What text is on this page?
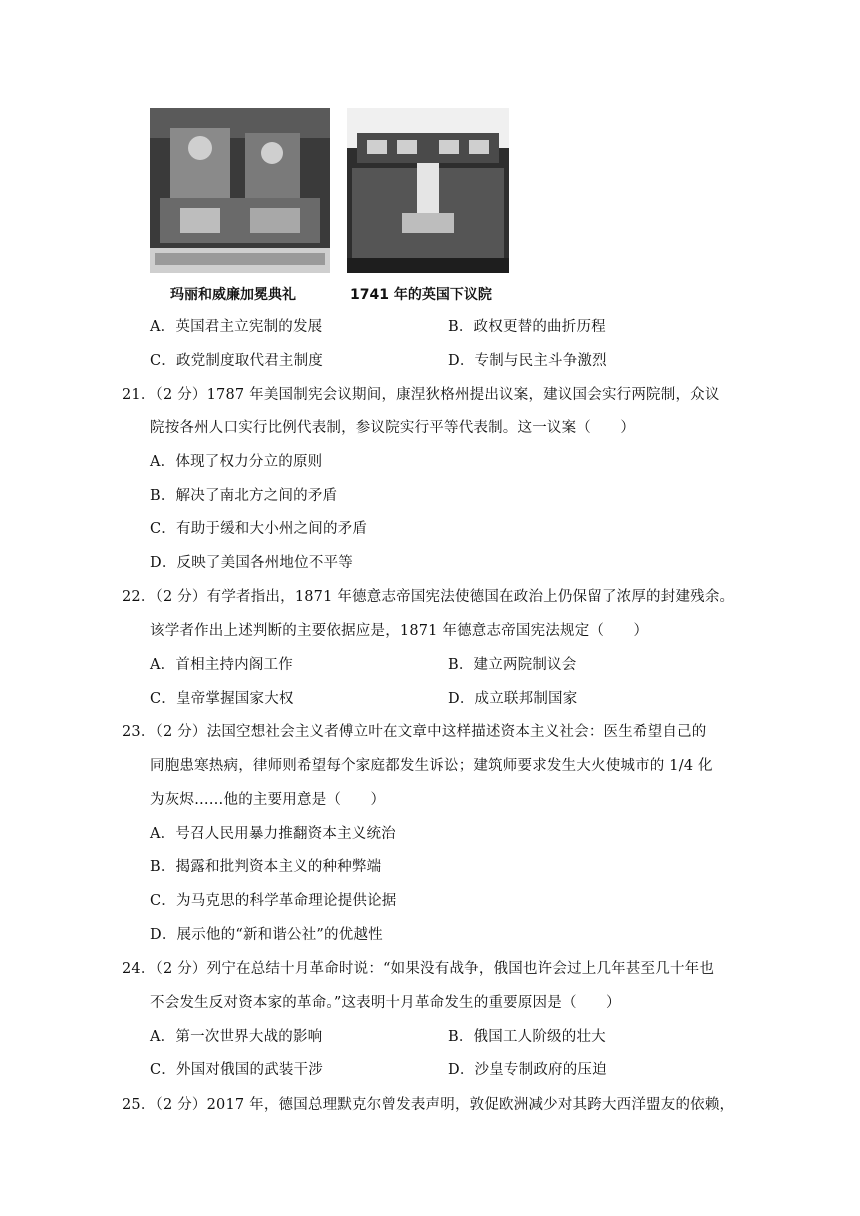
玛丽和威廉加冕典礼	1741 年的英国下议院
A．英国君主立宪制的发展	B．政权更替的曲折历程
C．政党制度取代君主制度	D．专制与民主斗争激烈
21．（2 分）1787 年美国制宪会议期间，康涅狄格州提出议案，建议国会实行两院制，众议
院按各州人口实行比例代表制，参议院实行平等代表制。这一议案（　　）
A．体现了权力分立的原则
B．解决了南北方之间的矛盾
C．有助于缓和大小州之间的矛盾
D．反映了美国各州地位不平等
22．（2 分）有学者指出，1871 年德意志帝国宪法使德国在政治上仍保留了浓厚的封建残余。
该学者作出上述判断的主要依据应是，1871 年德意志帝国宪法规定（　　）
A．首相主持内阁工作	B．建立两院制议会
C．皇帝掌握国家大权	D．成立联邦制国家
23．（2 分）法国空想社会主义者傅立叶在文章中这样描述资本主义社会：医生希望自己的
同胞患寒热病，律师则希望每个家庭都发生诉讼；建筑师要求发生大火使城市的 1/4 化
为灰烬……他的主要用意是（　　）
A．号召人民用暴力推翻资本主义统治
B．揭露和批判资本主义的种种弊端
C．为马克思的科学革命理论提供论据
D．展示他的“新和谐公社”的优越性
24．（2 分）列宁在总结十月革命时说：“如果没有战争，俄国也许会过上几年甚至几十年也
不会发生反对资本家的革命。”这表明十月革命发生的重要原因是（　　）
A．第一次世界大战的影响	B．俄国工人阶级的壮大
C．外国对俄国的武装干涉	D．沙皇专制政府的压迫
25．（2 分）2017 年，德国总理默克尔曾发表声明，敦促欧洲减少对其跨大西洋盟友的依赖，
